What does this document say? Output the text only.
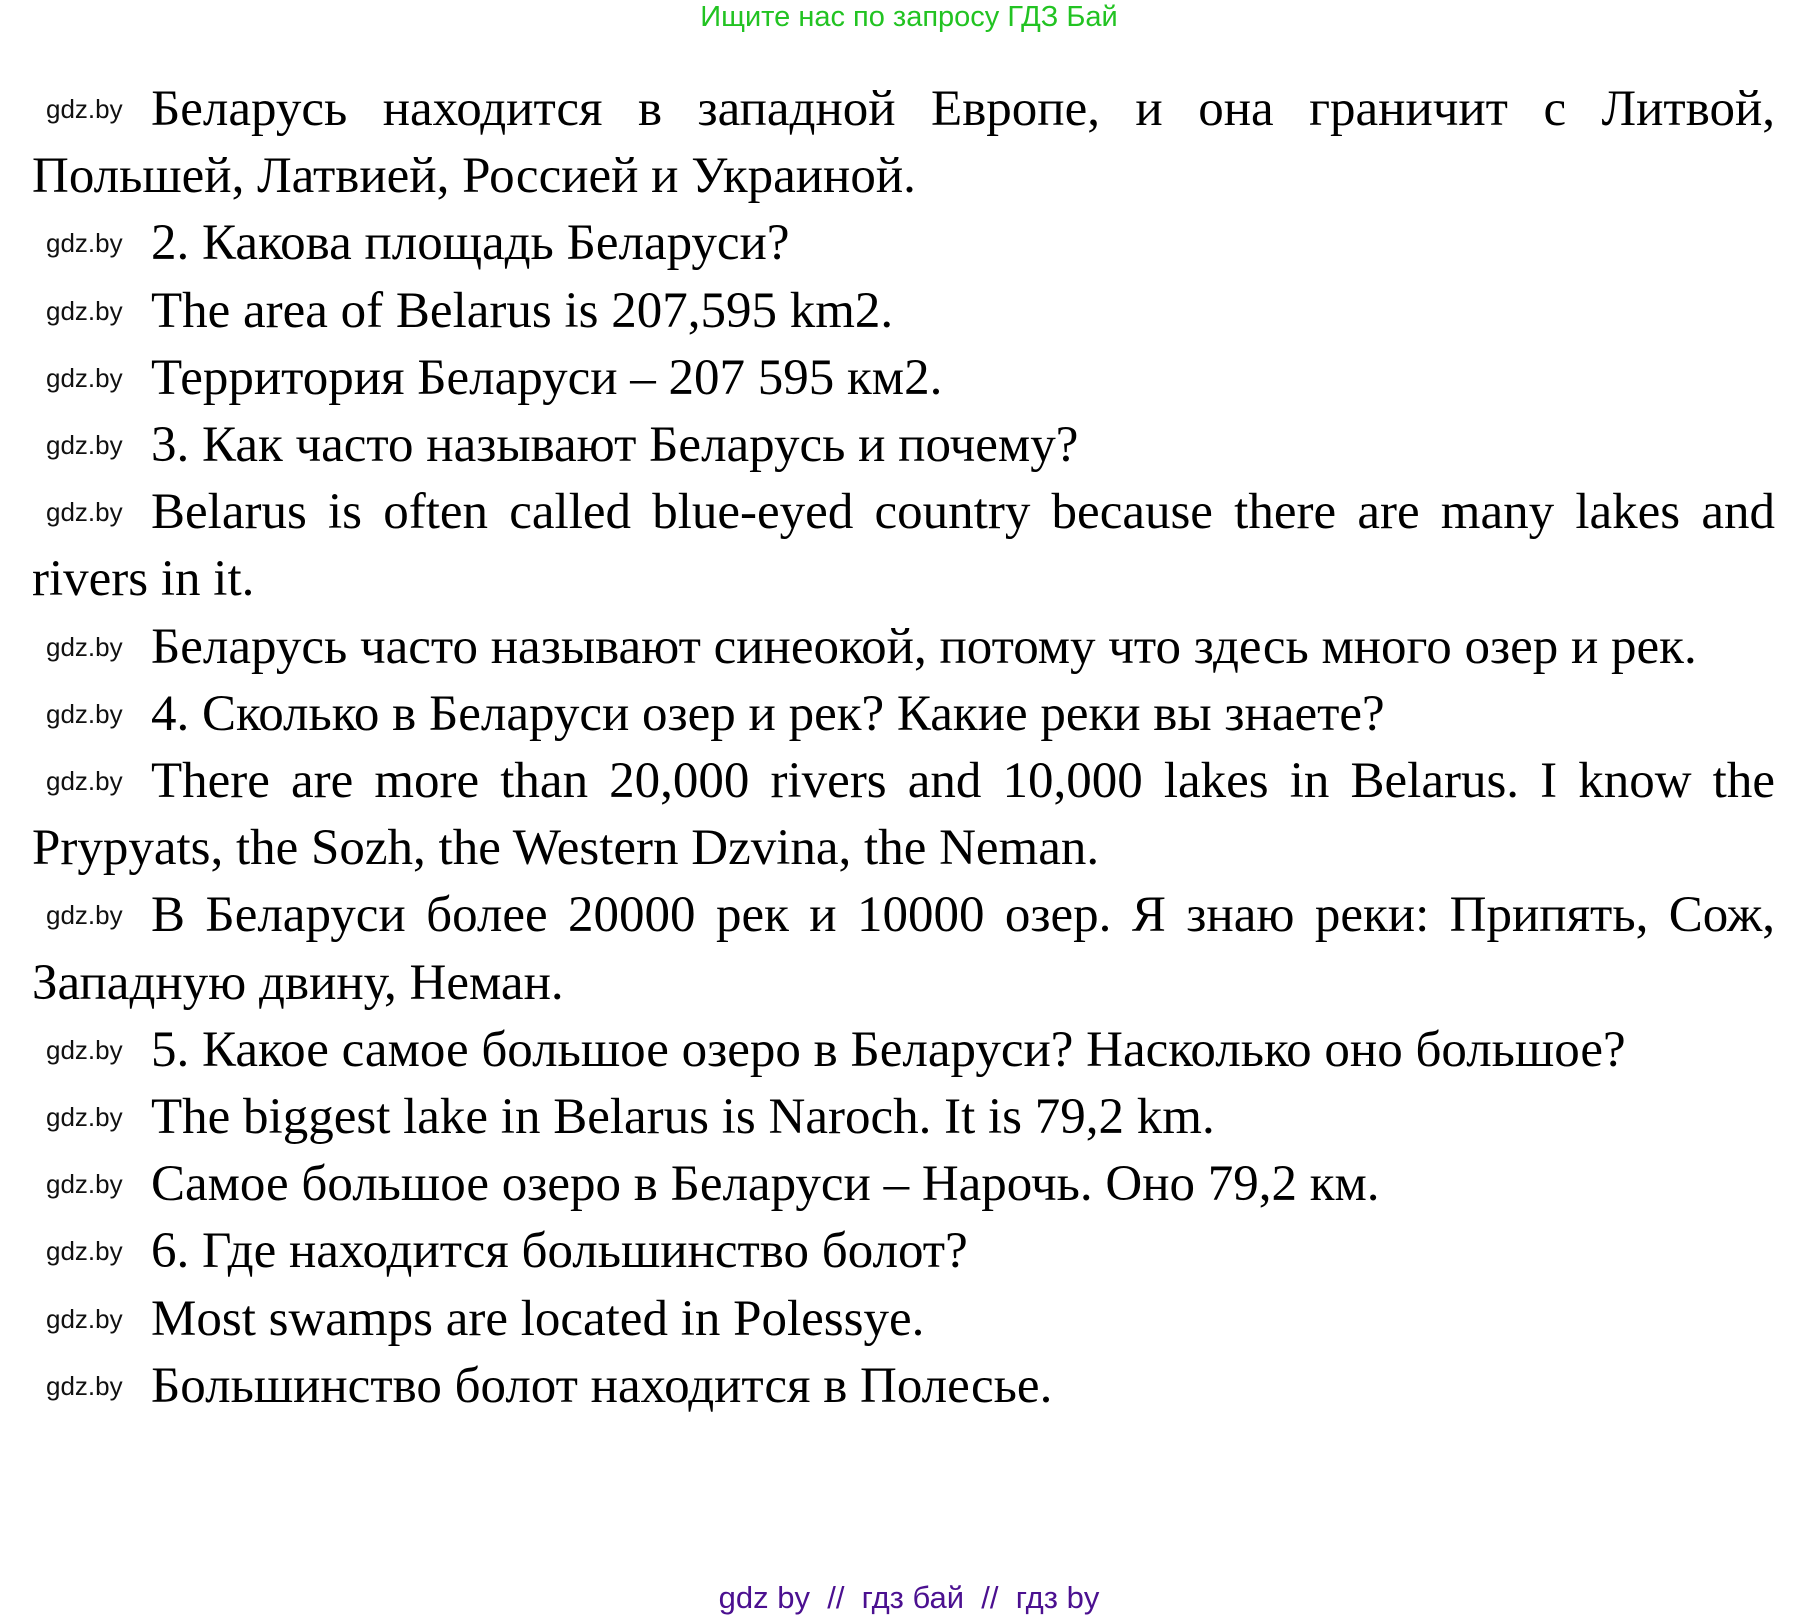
Ищите нас по запросу ГДЗ Бай

Беларусь находится в западной Европе, и она граничит с Литвой, Польшей, Латвией, Россией и Украиной.
gdz.by

2. Какова площадь Беларуси?
gdz.by

The area of Belarus is 207,595 km2.
gdz.by

Территория Беларуси – 207 595 км2.
gdz.by

3. Как часто называют Беларусь и почему?
gdz.by

Belarus is often called blue-eyed country because there are many lakes and rivers in it.
gdz.by

Беларусь часто называют синеокой, потому что здесь много озер и рек.
gdz.by

4. Сколько в Беларуси озер и рек? Какие реки вы знаете?
gdz.by

There are more than 20,000 rivers and 10,000 lakes in Belarus. I know the Prypyats, the Sozh, the Western Dzvina, the Neman.
gdz.by

В Беларуси более 20000 рек и 10000 озер. Я знаю реки: Припять, Сож, Западную двину, Неман.
gdz.by

5. Какое самое большое озеро в Беларуси? Насколько оно большое?
gdz.by

The biggest lake in Belarus is Naroch. It is 79,2 km.
gdz.by

Самое большое озеро в Беларуси – Нарочь. Оно 79,2 км.
gdz.by

6. Где находится большинство болот?
gdz.by

Most swamps are located in Polessye.
gdz.by

Большинство болот находится в Полесье.
gdz.by

gdz by  //  гдз бай  //  гдз by
